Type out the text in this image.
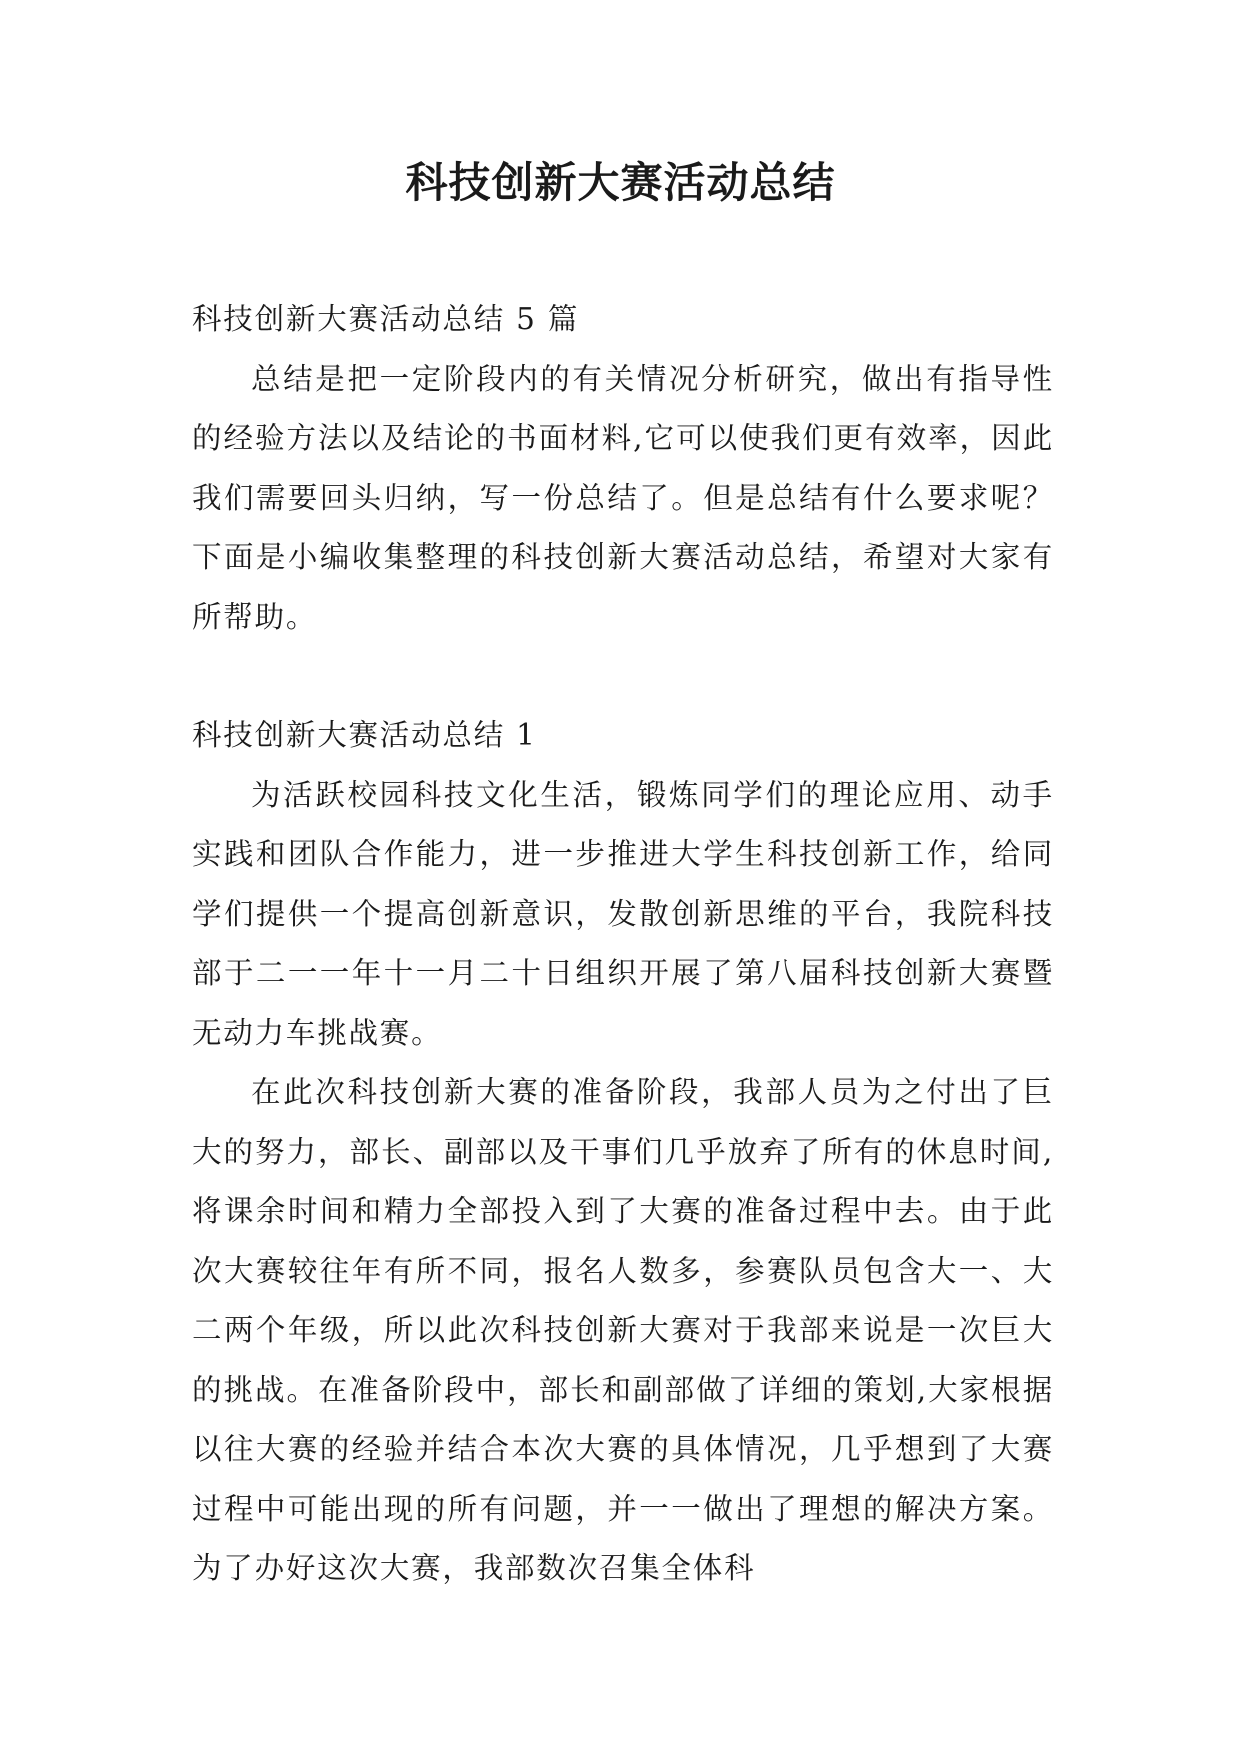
科技创新大赛活动总结

科技创新大赛活动总结 5 篇

总结是把一定阶段内的有关情况分析研究，做出有指导性的经验方法以及结论的书面材料,它可以使我们更有效率，因此我们需要回头归纳，写一份总结了。但是总结有什么要求呢？下面是小编收集整理的科技创新大赛活动总结，希望对大家有所帮助。

科技创新大赛活动总结 1

为活跃校园科技文化生活，锻炼同学们的理论应用、动手实践和团队合作能力，进一步推进大学生科技创新工作，给同学们提供一个提高创新意识，发散创新思维的平台，我院科技部于二一一年十一月二十日组织开展了第八届科技创新大赛暨无动力车挑战赛。

在此次科技创新大赛的准备阶段，我部人员为之付出了巨大的努力，部长、副部以及干事们几乎放弃了所有的休息时间,将课余时间和精力全部投入到了大赛的准备过程中去。由于此次大赛较往年有所不同，报名人数多，参赛队员包含大一、大二两个年级，所以此次科技创新大赛对于我部来说是一次巨大的挑战。在准备阶段中，部长和副部做了详细的策划,大家根据以往大赛的经验并结合本次大赛的具体情况，几乎想到了大赛过程中可能出现的所有问题，并一一做出了理想的解决方案。为了办好这次大赛，我部数次召集全体科
